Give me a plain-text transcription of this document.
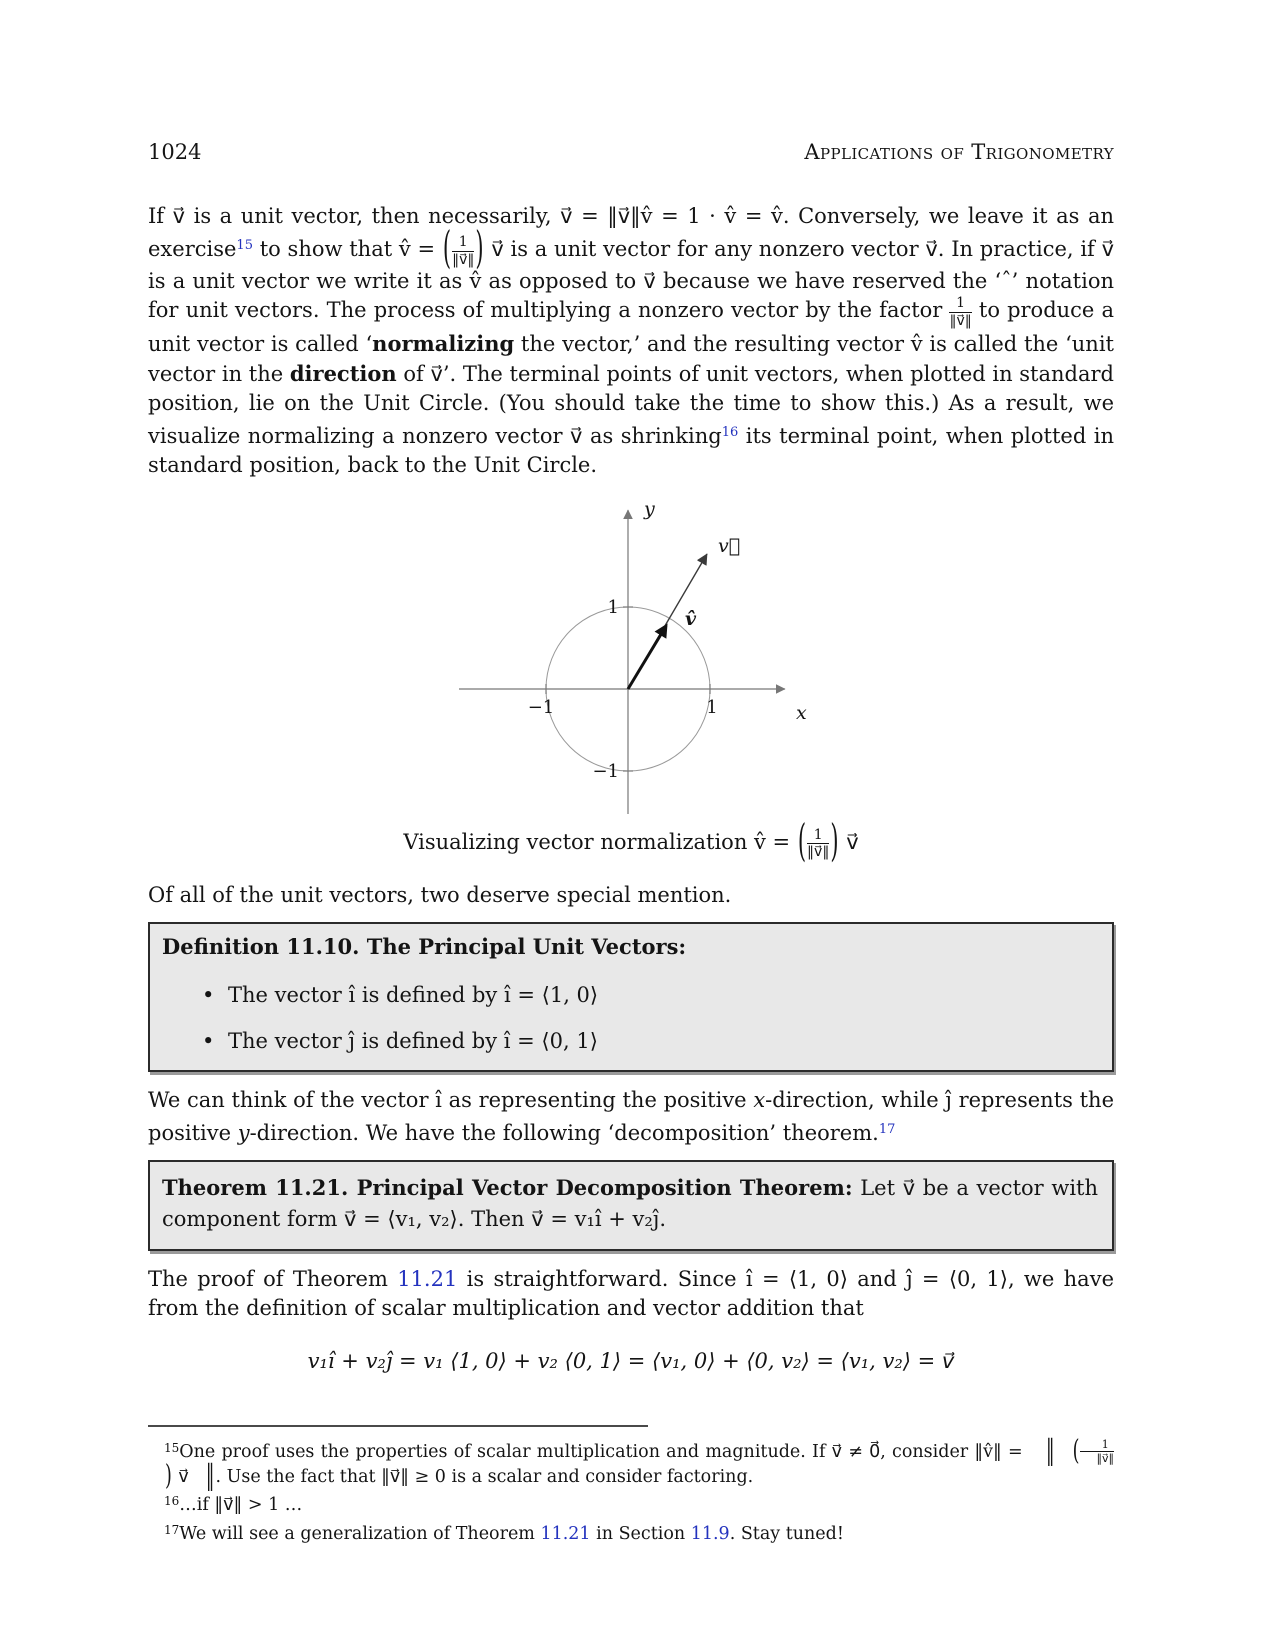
1024	Applications of Trigonometry

If v⃗ is a unit vector, then necessarily, v⃗ = ‖v⃗‖v̂ = 1 · v̂ = v̂. Conversely, we leave it as an exercise$^{15}$ to show that v̂ = ( $\frac{1}{‖v⃗‖}$ ) v⃗ is a unit vector for any nonzero vector v⃗. In practice, if v⃗ is a unit vector we write it as v̂ as opposed to v⃗ because we have reserved the ‘ˆ’ notation for unit vectors. The process of multiplying a nonzero vector by the factor $\frac{1}{‖v⃗‖}$ to produce a unit vector is called ‘normalizing the vector,’ and the resulting vector v̂ is called the ‘unit vector in the direction of v⃗’. The terminal points of unit vectors, when plotted in standard position, lie on the Unit Circle. (You should take the time to show this.) As a result, we visualize normalizing a nonzero vector v⃗ as shrinking$^{16}$ its terminal point, when plotted in standard position, back to the Unit Circle.

y
x
v⃗
v̂
1
−1
1
−1
Visualizing vector normalization v̂ = ( $\frac{1}{‖v⃗‖}$ ) v⃗

Of all of the unit vectors, two deserve special mention.

Definition 11.10. The Principal Unit Vectors:
• The vector î is defined by î = ⟨1, 0⟩
• The vector ĵ is defined by î = ⟨0, 1⟩

We can think of the vector î as representing the positive x-direction, while ĵ represents the positive y-direction. We have the following ‘decomposition’ theorem.$^{17}$

Theorem 11.21. Principal Vector Decomposition Theorem: Let v⃗ be a vector with component form v⃗ = ⟨v₁, v₂⟩. Then v⃗ = v₁î + v₂ĵ.

The proof of Theorem 11.21 is straightforward. Since î = ⟨1, 0⟩ and ĵ = ⟨0, 1⟩, we have from the definition of scalar multiplication and vector addition that

v₁î + v₂ĵ = v₁ ⟨1, 0⟩ + v₂ ⟨0, 1⟩ = ⟨v₁, 0⟩ + ⟨0, v₂⟩ = ⟨v₁, v₂⟩ = v⃗

$^{15}$One proof uses the properties of scalar multiplication and magnitude. If v⃗ ≠ 0⃗, consider ‖v̂‖ = ‖ ( $\frac{1}{‖v⃗‖}$
) v⃗ ‖. Use the fact that ‖v⃗‖ ≥ 0 is a scalar and consider factoring.

$^{16}$…if ‖v⃗‖ > 1 …

$^{17}$We will see a generalization of Theorem 11.21 in Section 11.9. Stay tuned!
